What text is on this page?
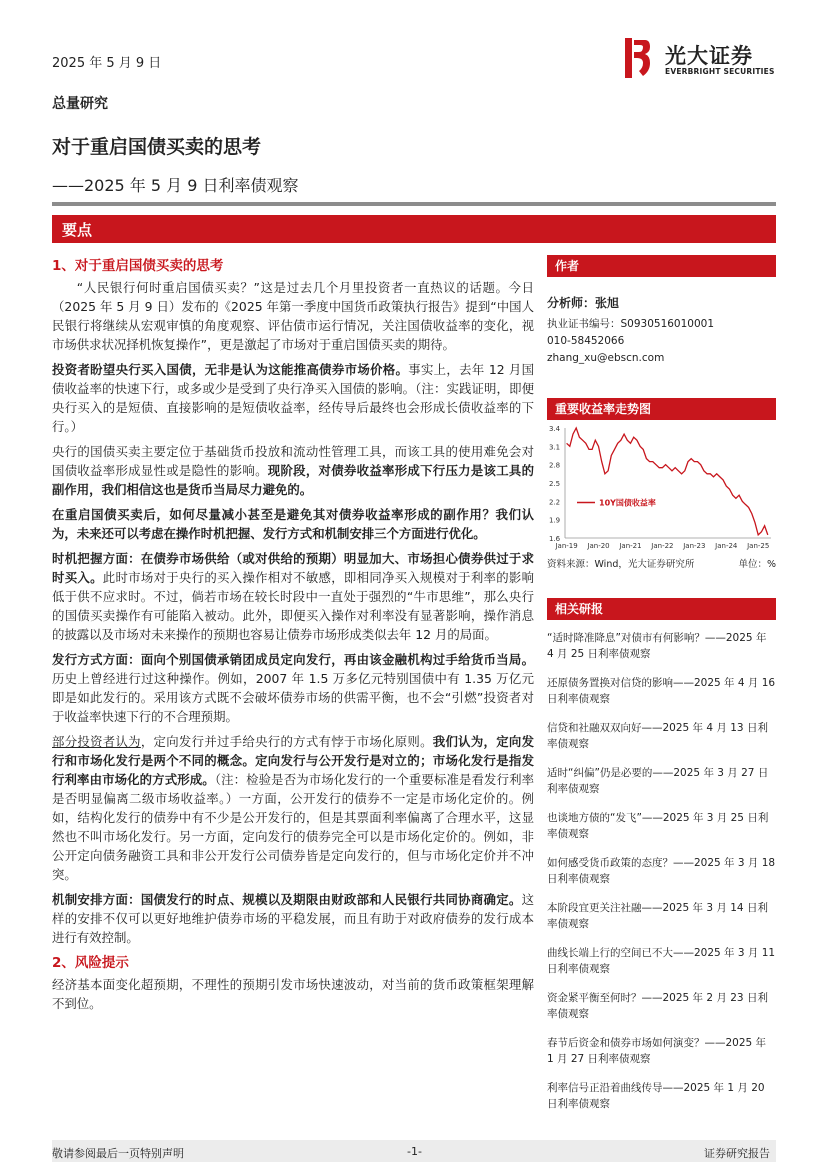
2025 年 5 月 9 日	光大证券
EVERBRIGHT SECURITIES
总量研究
对于重启国债买卖的思考
——2025 年 5 月 9 日利率债观察
要点
1、对于重启国债买卖的思考

“人民银行何时重启国债买卖？”这是过去几个月里投资者一直热议的话题。今日（2025 年 5 月 9 日）发布的《2025 年第一季度中国货币政策执行报告》提到“中国人民银行将继续从宏观审慎的角度观察、评估债市运行情况，关注国债收益率的变化，视市场供求状况择机恢复操作”，更是激起了市场对于重启国债买卖的期待。

投资者盼望央行买入国债，无非是认为这能推高债券市场价格。事实上，去年 12 月国债收益率的快速下行，或多或少是受到了央行净买入国债的影响。（注：实践证明，即便央行买入的是短债、直接影响的是短债收益率，经传导后最终也会形成长债收益率的下行。）

央行的国债买卖主要定位于基础货币投放和流动性管理工具，而该工具的使用难免会对国债收益率形成显性或是隐性的影响。现阶段，对债券收益率形成下行压力是该工具的副作用，我们相信这也是货币当局尽力避免的。

在重启国债买卖后，如何尽量减小甚至是避免其对债券收益率形成的副作用？我们认为，未来还可以考虑在操作时机把握、发行方式和机制安排三个方面进行优化。

时机把握方面：在债券市场供给（或对供给的预期）明显加大、市场担心债券供过于求时买入。此时市场对于央行的买入操作相对不敏感，即相同净买入规模对于利率的影响低于供不应求时。不过，倘若市场在较长时段中一直处于强烈的“牛市思维”，那么央行的国债买卖操作有可能陷入被动。此外，即便买入操作对利率没有显著影响，操作消息的披露以及市场对未来操作的预期也容易让债券市场形成类似去年 12 月的局面。

发行方式方面：面向个别国债承销团成员定向发行，再由该金融机构过手给货币当局。历史上曾经进行过这种操作。例如，2007 年 1.5 万多亿元特别国债中有 1.35 万亿元即是如此发行的。采用该方式既不会破坏债券市场的供需平衡，也不会“引燃”投资者对于收益率快速下行的不合理预期。

部分投资者认为，定向发行并过手给央行的方式有悖于市场化原则。我们认为，定向发行和市场化发行是两个不同的概念。定向发行与公开发行是对立的；市场化发行是指发行利率由市场化的方式形成。（注：检验是否为市场化发行的一个重要标准是看发行利率是否明显偏离二级市场收益率。）一方面，公开发行的债券不一定是市场化定价的。例如，结构化发行的债券中有不少是公开发行的，但是其票面利率偏离了合理水平，这显然也不叫市场化发行。另一方面，定向发行的债券完全可以是市场化定价的。例如，非公开定向债务融资工具和非公开发行公司债券皆是定向发行的，但与市场化定价并不冲突。

机制安排方面：国债发行的时点、规模以及期限由财政部和人民银行共同协商确定。这样的安排不仅可以更好地维护债券市场的平稳发展，而且有助于对政府债券的发行成本进行有效控制。

2、风险提示

经济基本面变化超预期，不理性的预期引发市场快速波动，对当前的货币政策框架理解不到位。

作者
分析师：张旭
执业证书编号：S0930516010001
010-58452066
zhang_xu@ebscn.com
重要收益率走势图
1.6
1.9
2.2
2.5
2.8
3.1
3.4
Jan-19 Jan-20 Jan-21 Jan-22 Jan-23 Jan-24 Jan-25
10Y国债收益率
资料来源：Wind，光大证券研究所	单位：%
相关研报
“适时降准降息”对债市有何影响？——2025 年 4 月 25 日利率债观察
还原债务置换对信贷的影响——2025 年 4 月 16 日利率债观察
信贷和社融双双向好——2025 年 4 月 13 日利率债观察
适时“纠偏”仍是必要的——2025 年 3 月 27 日利率债观察
也谈地方债的“发飞”——2025 年 3 月 25 日利率债观察
如何感受货币政策的态度？——2025 年 3 月 18 日利率债观察
本阶段宜更关注社融——2025 年 3 月 14 日利率债观察
曲线长端上行的空间已不大——2025 年 3 月 11 日利率债观察
资金紧平衡至何时？——2025 年 2 月 23 日利率债观察
春节后资金和债券市场如何演变？——2025 年 1 月 27 日利率债观察
利率信号正沿着曲线传导——2025 年 1 月 20 日利率债观察
敬请参阅最后一页特别声明	-1-	证券研究报告
